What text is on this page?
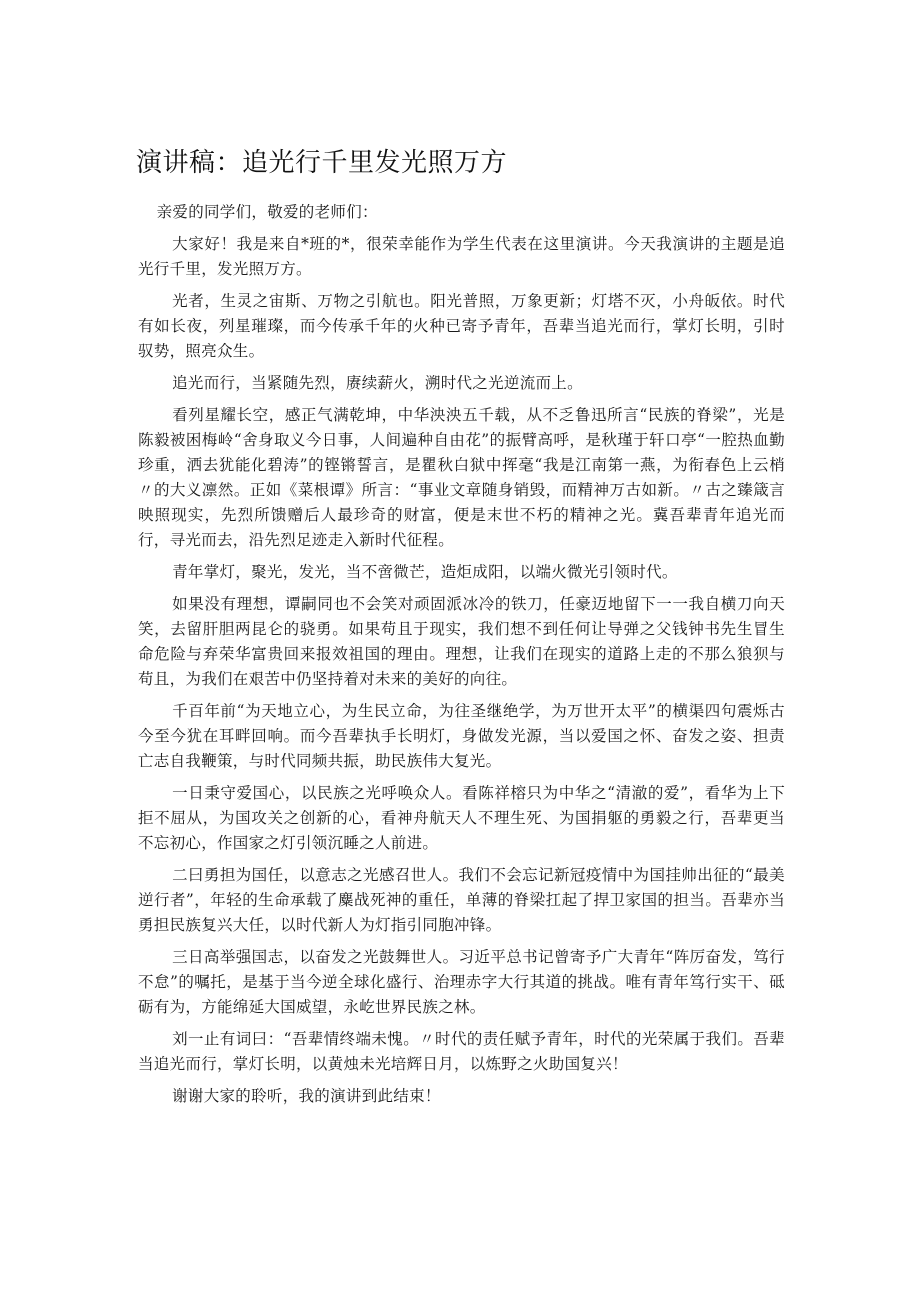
演讲稿：追光行千里发光照万方

亲爱的同学们，敬爱的老师们：

大家好！我是来自*班的*，很荣幸能作为学生代表在这里演讲。今天我演讲的主题是追光行千里，发光照万方。

光者，生灵之宙斯、万物之引航也。阳光普照，万象更新；灯塔不灭，小舟皈依。时代有如长夜，列星璀璨，而今传承千年的火种已寄予青年，吾辈当追光而行，掌灯长明，引时驭势，照亮众生。

追光而行，当紧随先烈，赓续薪火，溯时代之光逆流而上。

看列星耀长空，感正气满乾坤，中华泱泱五千载，从不乏鲁迅所言“民族的脊梁”，光是陈毅被困梅岭“舍身取义今日事，人间遍种自由花”的振臂高呼，是秋瑾于轩口亭“一腔热血勤珍重，洒去犹能化碧涛”的铿锵誓言，是瞿秋白狱中挥毫“我是江南第一燕，为衔春色上云梢〃的大义凛然。正如《菜根谭》所言：“事业文章随身销毁，而精神万古如新。〃古之臻箴言映照现实，先烈所馈赠后人最珍奇的财富，便是末世不朽的精神之光。冀吾辈青年追光而行，寻光而去，沿先烈足迹走入新时代征程。

青年掌灯，聚光，发光，当不啻微芒，造炬成阳，以端火微光引领时代。

如果没有理想，谭嗣同也不会笑对顽固派冰冷的铁刀，任豪迈地留下一一我自横刀向天笑，去留肝胆两昆仑的骁勇。如果苟且于现实，我们想不到任何让导弹之父钱钟书先生冒生命危险与弃荣华富贵回来报效祖国的理由。理想，让我们在现实的道路上走的不那么狼狈与苟且，为我们在艰苦中仍坚持着对未来的美好的向往。

千百年前“为天地立心，为生民立命，为往圣继绝学，为万世开太平”的横渠四句震烁古今至今犹在耳畔回响。而今吾辈执手长明灯，身做发光源，当以爱国之怀、奋发之姿、担责亡志自我鞭策，与时代同频共振，助民族伟大复光。

一日秉守爱国心，以民族之光呼唤众人。看陈祥榕只为中华之“清澈的爱”，看华为上下拒不屈从，为国攻关之创新的心，看神舟航天人不理生死、为国捐躯的勇毅之行，吾辈更当不忘初心，作国家之灯引领沉睡之人前进。

二曰勇担为国任，以意志之光感召世人。我们不会忘记新冠疫情中为国挂帅出征的“最美逆行者”，年轻的生命承载了麋战死神的重任，单薄的脊梁扛起了捍卫家国的担当。吾辈亦当勇担民族复兴大任，以时代新人为灯指引同胞冲锋。

三日高举强国志，以奋发之光鼓舞世人。习近平总书记曾寄予广大青年“阵厉奋发，笃行不怠”的嘱托，是基于当今逆全球化盛行、治理赤字大行其道的挑战。唯有青年笃行实干、砥砺有为，方能绵延大国威望，永屹世界民族之林。

刘一止有词曰：“吾辈情终端未愧。〃时代的责任赋予青年，时代的光荣属于我们。吾辈当追光而行，掌灯长明，以黄烛未光培辉日月，以炼野之火助国复兴！

谢谢大家的聆听，我的演讲到此结束！
